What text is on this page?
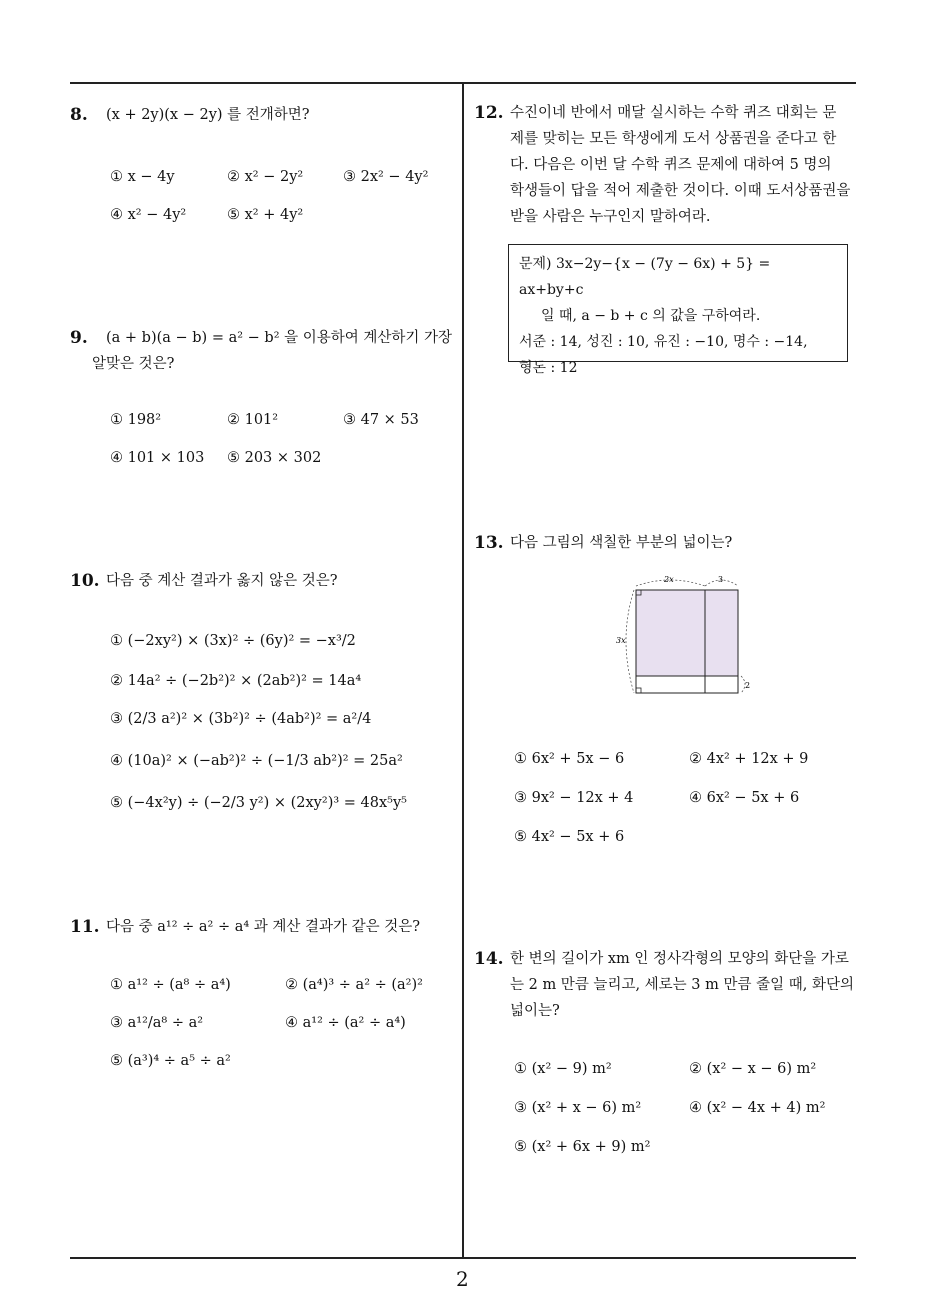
8. (x + 2y)(x − 2y) 를 전개하면?
① x − 4y	② x² − 2y²	③ 2x² − 4y²
④ x² − 4y²	⑤ x² + 4y²
9. (a + b)(a − b) = a² − b² 을 이용하여 계산하기 가장
알맞은 것은?
① 198²	② 101²	③ 47 × 53
④ 101 × 103 ⑤ 203 × 302
10. 다음 중 계산 결과가 옳지 않은 것은?
① (−2xy²) × (3x)² ÷ (6y)² = −x³/2
② 14a² ÷ (−2b²)² × (2ab²)² = 14a⁴
③ (2/3 a²)² × (3b²)² ÷ (4ab²)² = a²/4
④ (10a)² × (−ab²)² ÷ (−1/3 ab²)² = 25a²
⑤ (−4x²y) ÷ (−2/3 y²) × (2xy²)³ = 48x⁵y⁵
11. 다음 중 a¹² ÷ a² ÷ a⁴ 과 계산 결과가 같은 것은?
① a¹² ÷ (a⁸ ÷ a⁴)	② (a⁴)³ ÷ a² ÷ (a²)²
③ a¹²/a⁸ ÷ a²	④ a¹² ÷ (a² ÷ a⁴)
⑤ (a³)⁴ ÷ a⁵ ÷ a²
12. 수진이네 반에서 매달 실시하는 수학 퀴즈 대회는 문
제를 맞히는 모든 학생에게 도서 상품권을 준다고 한
다. 다음은 이번 달 수학 퀴즈 문제에 대하여 5 명의
학생들이 답을 적어 제출한 것이다. 이때 도서상품권을
받을 사람은 누구인지 말하여라.
문제) 3x−2y−{x − (7y − 6x) + 5} = ax+by+c
일 때, a − b + c 의 값을 구하여라.
서준 : 14, 성진 : 10, 유진 : −10, 명수 : −14,
형돈 : 12
13. 다음 그림의 색칠한 부분의 넓이는?
2x	3
3x
2
① 6x² + 5x − 6	② 4x² + 12x + 9
③ 9x² − 12x + 4	④ 6x² − 5x + 6
⑤ 4x² − 5x + 6
14. 한 변의 길이가 xm 인 정사각형의 모양의 화단을 가로
는 2 m 만큼 늘리고, 세로는 3 m 만큼 줄일 때, 화단의
넓이는?
① (x² − 9) m²	② (x² − x − 6) m²
③ (x² + x − 6) m²	④ (x² − 4x + 4) m²
⑤ (x² + 6x + 9) m²
2
